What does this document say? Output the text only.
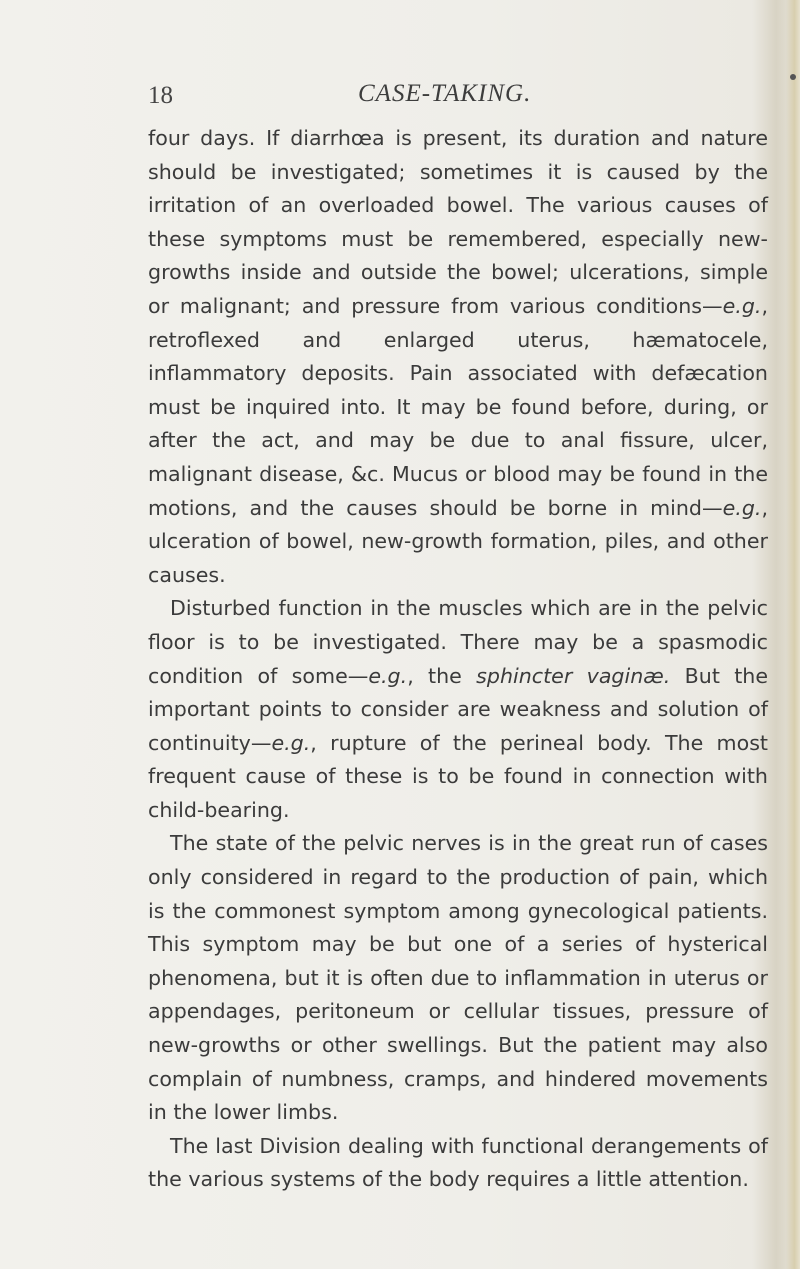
18	CASE-TAKING.

four days. If diarrhœa is present, its duration and nature should be investigated; sometimes it is caused by the irritation of an overloaded bowel. The various causes of these symptoms must be remembered, especially new-growths inside and outside the bowel; ulcerations, simple or malignant; and pressure from various conditions—e.g., retroflexed and enlarged uterus, hæmatocele, inflammatory deposits. Pain associated with defæcation must be inquired into. It may be found before, during, or after the act, and may be due to anal fissure, ulcer, malignant disease, &c. Mucus or blood may be found in the motions, and the causes should be borne in mind—e.g., ulceration of bowel, new-growth formation, piles, and other causes.

Disturbed function in the muscles which are in the pelvic floor is to be investigated. There may be a spasmodic condition of some—e.g., the sphincter vaginæ. But the important points to consider are weakness and solution of continuity—e.g., rupture of the perineal body. The most frequent cause of these is to be found in connection with child-bearing.

The state of the pelvic nerves is in the great run of cases only considered in regard to the production of pain, which is the commonest symptom among gynecological patients. This symptom may be but one of a series of hysterical phenomena, but it is often due to inflammation in uterus or appendages, peritoneum or cellular tissues, pressure of new-growths or other swellings. But the patient may also complain of numbness, cramps, and hindered movements in the lower limbs.

The last Division dealing with functional derangements of the various systems of the body requires a little attention.
